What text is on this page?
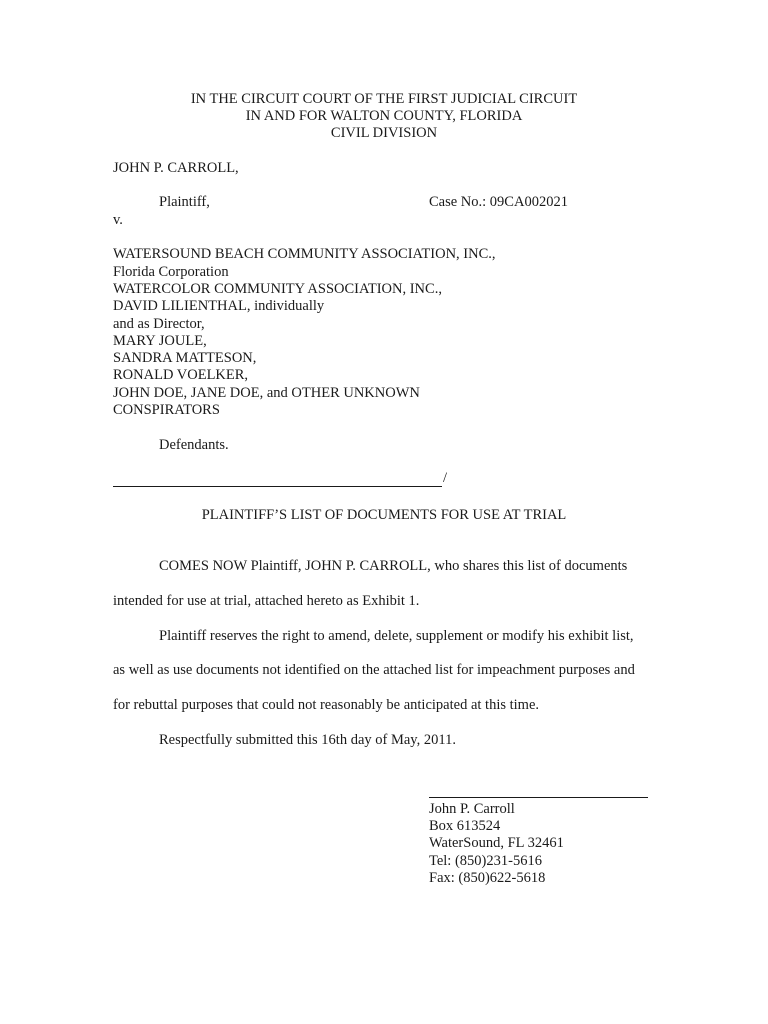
IN THE CIRCUIT COURT OF THE FIRST JUDICIAL CIRCUIT
IN AND FOR WALTON COUNTY, FLORIDA
CIVIL DIVISION
JOHN P. CARROLL,
Plaintiff,	Case No.: 09CA002021
v.
WATERSOUND BEACH COMMUNITY ASSOCIATION, INC.,
Florida Corporation
WATERCOLOR COMMUNITY ASSOCIATION, INC.,
DAVID LILIENTHAL, individually
and as Director,
MARY JOULE,
SANDRA MATTESON,
RONALD VOELKER,
JOHN DOE, JANE DOE, and OTHER UNKNOWN
CONSPIRATORS
Defendants.
/
PLAINTIFF’S LIST OF DOCUMENTS FOR USE AT TRIAL
COMES NOW Plaintiff, JOHN P. CARROLL, who shares this list of documents
intended for use at trial, attached hereto as Exhibit 1.
Plaintiff reserves the right to amend, delete, supplement or modify his exhibit list,
as well as use documents not identified on the attached list for impeachment purposes and
for rebuttal purposes that could not reasonably be anticipated at this time.
Respectfully submitted this 16th day of May, 2011.
John P. Carroll
Box 613524
WaterSound, FL 32461
Tel: (850)231-5616
Fax: (850)622-5618
